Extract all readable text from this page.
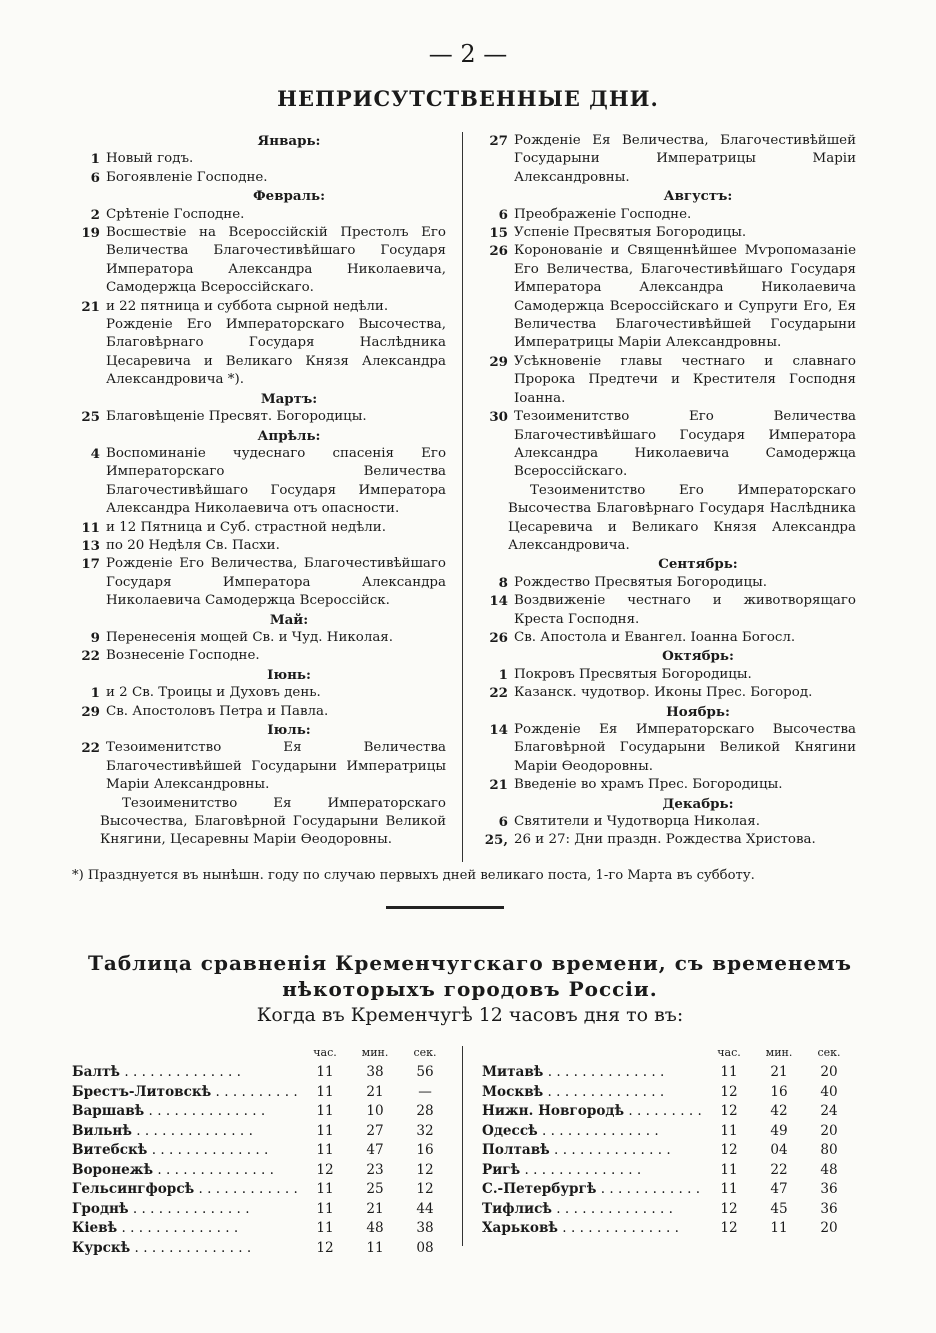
— 2 —
НЕПРИСУТСТВЕННЫЕ ДНИ.
Январь:
1 Новый годъ.
6 Богоявленіе Господне.
Февраль:
2 Срѣтеніе Господне.
19 Восшествіе на Всероссійскій Престолъ Его Величества Благочестивѣйшаго Государя Императора Александра Николаевича, Самодержца Всероссійскаго.
21 и 22 пятница и суббота сырной недѣли.
Рожденіе Его Императорскаго Высочества, Благовѣрнаго Государя Наслѣдника Цесаревича и Великаго Князя Александра Александровича *).
Мартъ:
25 Благовѣщеніе Пресвят. Богородицы.
Апрѣль:
4 Воспоминаніе чудеснаго спасенія Его Императорскаго Величества Благочестивѣйшаго Государя Императора Александра Николаевича отъ опасности.
11 и 12 Пятница и Суб. страстной недѣли.
13 по 20 Недѣля Св. Пасхи.
17 Рожденіе Его Величества, Благочестивѣйшаго Государя Императора Александра Николаевича Самодержца Всероссійск.
Май:
9 Перенесенія мощей Св. и Чуд. Николая.
22 Вознесеніе Господне.
Іюнь:
1 и 2 Св. Троицы и Духовъ день.
29 Св. Апостоловъ Петра и Павла.
Іюль:
22 Тезоименитство Ея Величества Благочестивѣйшей Государыни Императрицы Маріи Александровны.
Тезоименитство Ея Императорскаго Высочества, Благовѣрной Государыни Великой Княгини, Цесаревны Маріи Ѳеодоровны.
27 Рожденіе Ея Величества, Благочестивѣйшей Государыни Императрицы Маріи Александровны.
Августъ:
6 Преображеніе Господне.
15 Успеніе Пресвятыя Богородицы.
26 Коронованіе и Священнѣйшее Мѵропомазаніе Его Величества, Благочестивѣйшаго Государя Императора Александра Николаевича Самодержца Всероссійскаго и Супруги Его, Ея Величества Благочестивѣйшей Государыни Императрицы Маріи Александровны.
29 Усѣкновеніе главы честнаго и славнаго Пророка Предтечи и Крестителя Господня Іоанна.
30 Тезоименитство Его Величества Благочестивѣйшаго Государя Императора Александра Николаевича Самодержца Всероссійскаго.
Тезоименитство Его Императорскаго Высочества Благовѣрнаго Государя Наслѣдника Цесаревича и Великаго Князя Александра Александровича.
Сентябрь:
8 Рождество Пресвятыя Богородицы.
14 Воздвиженіе честнаго и животворящаго Креста Господня.
26 Св. Апостола и Евангел. Іоанна Богосл.
Октябрь:
1 Покровъ Пресвятыя Богородицы.
22 Казанск. чудотвор. Иконы Прес. Богород.
Ноябрь:
14 Рожденіе Ея Императорскаго Высочества Благовѣрной Государыни Великой Княгини Маріи Ѳеодоровны.
21 Введеніе во храмъ Прес. Богородицы.
Декабрь:
6 Святители и Чудотворца Николая.
25, 26 и 27: Дни праздн. Рождества Христова.
*) Празднуется въ нынѣшн. году по случаю первыхъ дней великаго поста, 1-го Марта въ субботу.
Таблица сравненія Кременчугскаго времени, съ временемъ нѣкоторыхъ городовъ Россіи.
Когда въ Кременчугѣ 12 часовъ дня то въ:
час.	мин.	сек.
Балтѣ . . .	11	38	56
Брестъ-Литовскѣ . . .	11	21	—
Варшавѣ . . .	11	10	28
Вильнѣ . . .	11	27	32
Витебскѣ . . .	11	47	16
Воронежѣ . . .	12	23	12
Гельсингфорсѣ . . .	11	25	12
Гроднѣ . . .	11	21	44
Кіевѣ . . .	11	48	38
Курскѣ . . .	12	11	08
час.	мин.	сек.
Митавѣ . . .	11	21	20
Москвѣ . . .	12	16	40
Нижн. Новгородѣ . . .	12	42	24
Одессѣ . . .	11	49	20
Полтавѣ . . .	12	04	80
Ригѣ . . .	11	22	48
С.-Петербургѣ . . .	11	47	36
Тифлисѣ . . .	12	45	36
Харьковѣ . . .	12	11	20
